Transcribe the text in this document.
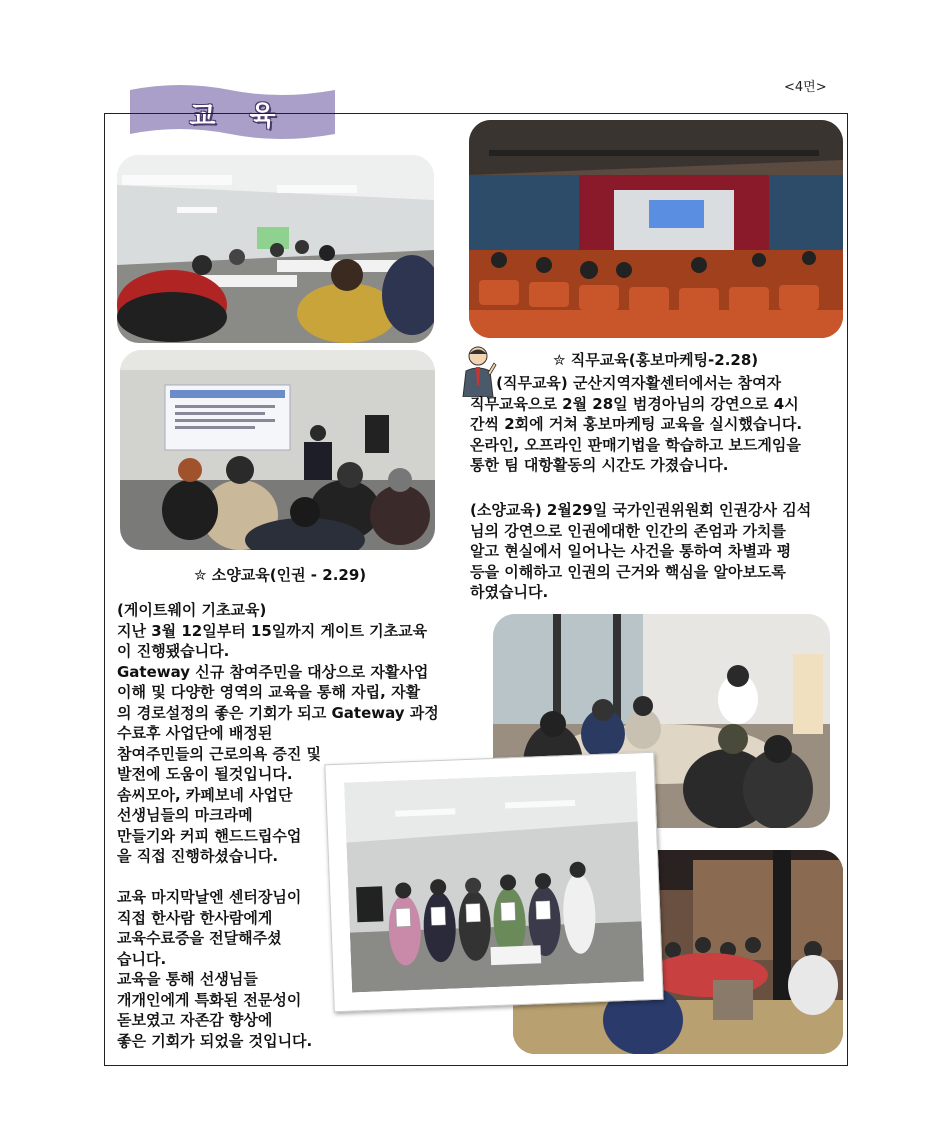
<4면>
교육
✮ 소양교육(인권 - 2.29)
✮ 직무교육(홍보마케팅-2.28)
(직무교육) 군산지역자활센터에서는 참여자
직무교육으로 2월 28일 범경아님의 강연으로 4시
간씩 2회에 거쳐 홍보마케팅 교육을 실시했습니다.
온라인, 오프라인 판매기법을 학습하고 보드게임을
통한 팀 대항활동의 시간도 가졌습니다.
(소양교육) 2월29일 국가인권위원회 인권강사 김석
님의 강연으로 인권에대한 인간의 존엄과 가치를
알고 현실에서 일어나는 사건을 통하여 차별과 평
등을 이해하고 인권의 근거와 핵심을 알아보도록
하였습니다.
(게이트웨이 기초교육)
지난 3월 12일부터 15일까지 게이트 기초교육
이 진행됐습니다.
Gateway 신규 참여주민을 대상으로 자활사업
이해 및 다양한 영역의 교육을 통해 자립, 자활
의 경로설정의 좋은 기회가 되고 Gateway 과정
수료후 사업단에 배정된
참여주민들의 근로의욕 증진 및
발전에 도움이 될것입니다.
솜씨모아, 카페보네 사업단
선생님들의 마크라메
만들기와 커피 핸드드립수업
을 직접 진행하셨습니다.

교육 마지막날엔 센터장님이
직접 한사람 한사람에게
교육수료증을 전달해주셨
습니다.
교육을 통해 선생님들
개개인에게 특화된 전문성이
돋보였고 자존감 향상에
좋은 기회가 되었을 것입니다.
